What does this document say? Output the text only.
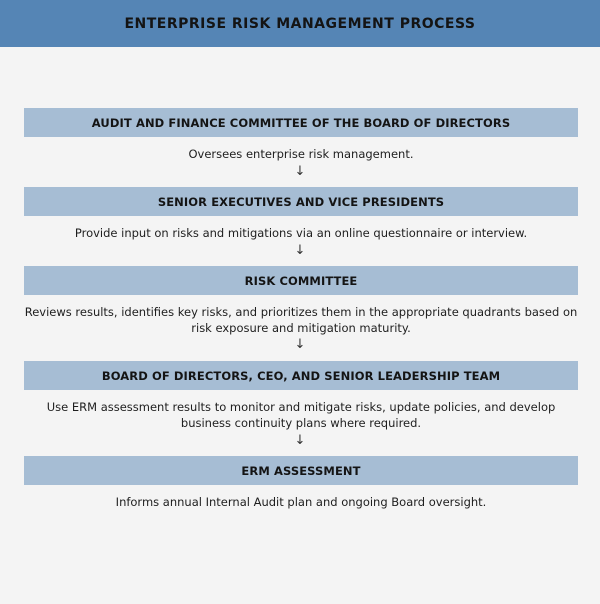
ENTERPRISE RISK MANAGEMENT PROCESS
AUDIT AND FINANCE COMMITTEE OF THE BOARD OF DIRECTORS
Oversees enterprise risk management.
↓
SENIOR EXECUTIVES AND VICE PRESIDENTS
Provide input on risks and mitigations via an online questionnaire or interview.
↓
RISK COMMITTEE
Reviews results, identifies key risks, and prioritizes them in the appropriate quadrants based on risk exposure and mitigation maturity.
↓
BOARD OF DIRECTORS, CEO, AND SENIOR LEADERSHIP TEAM
Use ERM assessment results to monitor and mitigate risks, update policies, and develop business continuity plans where required.
↓
ERM ASSESSMENT
Informs annual Internal Audit plan and ongoing Board oversight.
